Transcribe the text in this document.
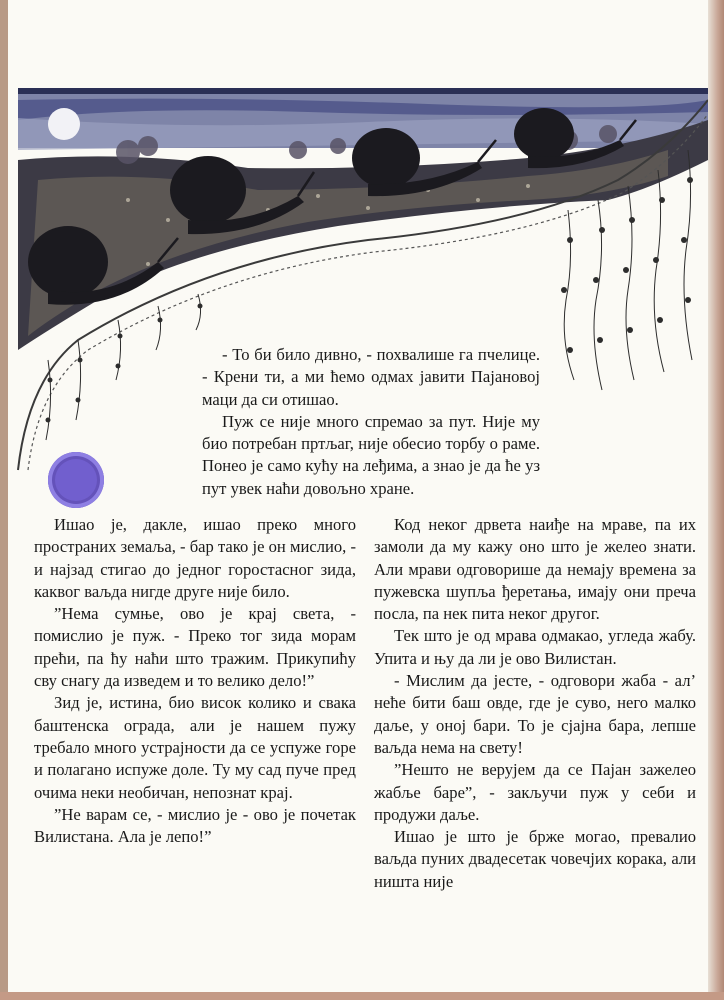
- То би било дивно, - похвалише га пчелице. - Крени ти, а ми ћемо одмах јавити Пајановој маци да си отишао.

Пуж се није много спремао за пут. Није му био потребан пртљаг, није обесио торбу о раме. Понео је само кућу на леђима, а знао је да ће уз пут увек наћи довољно хране.

Ишао је, дакле, ишао преко много пространих земаља, - бар тако је он мислио, - и најзад стигао до једног горостасног зида, каквог ваљда нигде друге није било.

”Нема сумње, ово је крај света, - помислио је пуж. - Преко тог зида морам прећи, па ћу наћи што тражим. Прикупићу сву снагу да изведем и то велико дело!”

Зид је, истина, био висок колико и свака баштенска ограда, али је нашем пужу требало много устрајности да се успуже горе и полагано испуже доле. Ту му сад пуче пред очима неки необичан, непознат крај.

”Не варам се, - мислио је - ово је почетак Вилистана. Ала је лепо!”

Код неког дрвета наиђе на мраве, па их замоли да му кажу оно што је желео знати. Али мрави одговорише да немају времена за пужевска шупља ђеретања, имају они преча посла, па нек пита неког другог.

Тек што је од мрава одмакао, угледа жабу. Упита и њу да ли је ово Вилистан.

- Мислим да јесте, - одговори жаба - ал’ неће бити баш овде, где је суво, него малко даље, у оној бари. То је сјајна бара, лепше ваљда нема на свету!

”Нешто не верујем да се Пајан зажелео жабље баре”, - закључи пуж у себи и продужи даље.

Ишао је што је брже могао, превалио ваљда пуних двадесетак човечјих корака, али ништа није
